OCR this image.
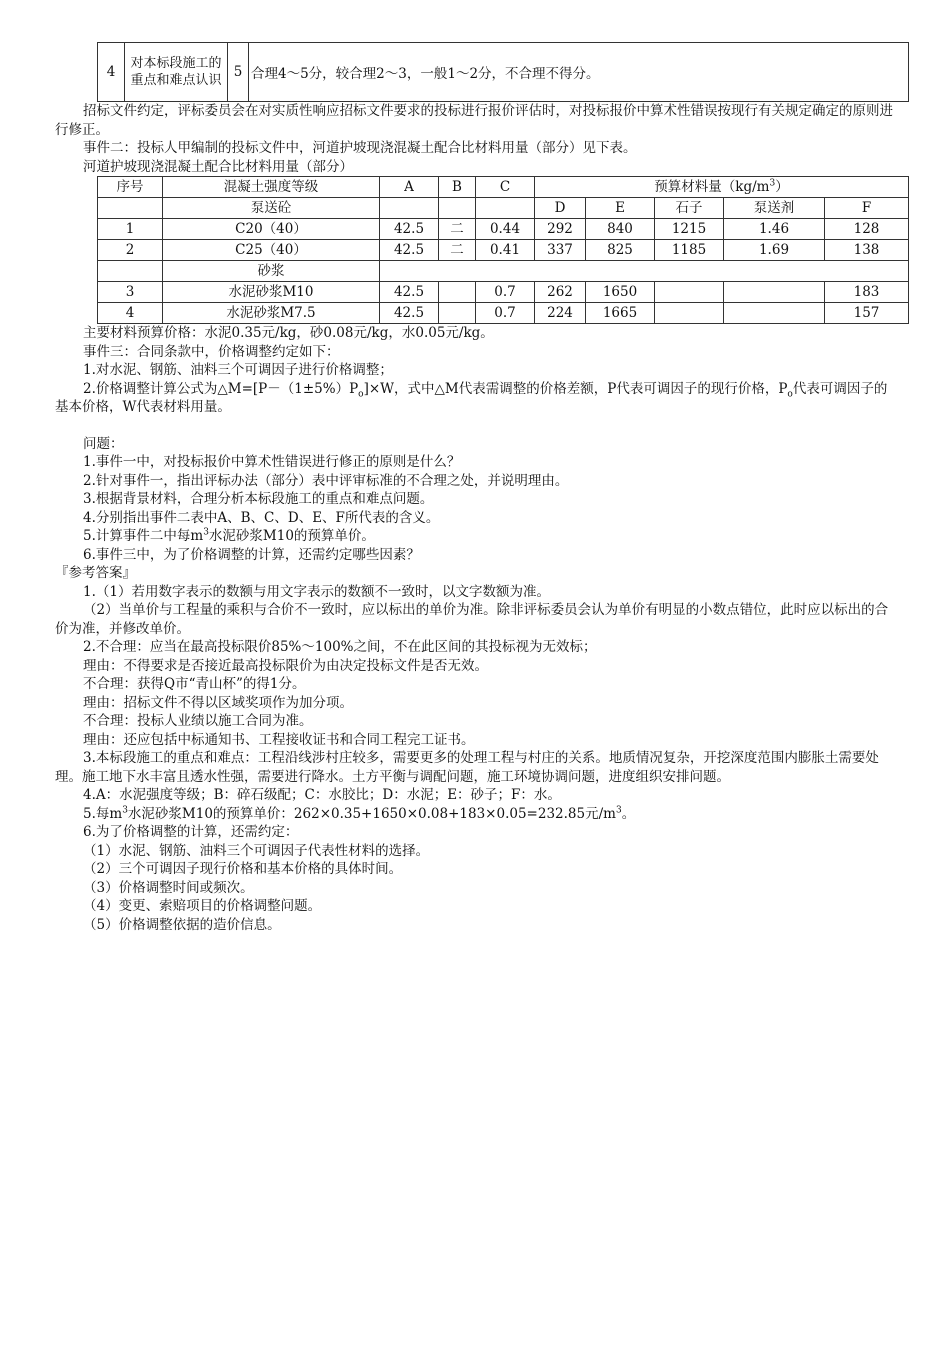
4	对本标段施工的重点和难点认识	5	合理4～5分，较合理2～3，一般1～2分，不合理不得分。

招标文件约定，评标委员会在对实质性响应招标文件要求的投标进行报价评估时，对投标报价中算术性错误按现行有关规定确定的原则进行修正。

事件二：投标人甲编制的投标文件中，河道护坡现浇混凝土配合比材料用量（部分）见下表。

河道护坡现浇混凝土配合比材料用量（部分）

序号	混凝土强度等级	A	B	C	预算材料量$(kg/m^3)$				
	泵送砼				D	E	石子	泵送剂	F
1	C20（40）	42.5	二	0.44	292	840	1215	1.46	128
2	C25（40）	42.5	二	0.41	337	825	1185	1.69	138
	砂浆								
3	水泥砂浆M10	42.5		0.7	262	1650			183
4	水泥砂浆M7.5	42.5		0.7	224	1665			157

主要材料预算价格：水泥0.35元/kg，砂0.08元/kg，水0.05元/kg。

事件三：合同条款中，价格调整约定如下：

1.对水泥、钢筋、油料三个可调因子进行价格调整；

2.价格调整计算公式为$\triangle M=[P-(1\pm 5\%)P_o]\times W$，式中△M代表需调整的价格差额，P代表可调因子的现行价格，$P_o$代表可调因子的基本价格，W代表材料用量。

问题：

1.事件一中，对投标报价中算术性错误进行修正的原则是什么？

2.针对事件一，指出评标办法（部分）表中评审标准的不合理之处，并说明理由。

3.根据背景材料，合理分析本标段施工的重点和难点问题。

4.分别指出事件二表中A、B、C、D、E、F所代表的含义。

5.计算事件二中每$m^3$水泥砂浆M10的预算单价。

6.事件三中，为了价格调整的计算，还需约定哪些因素？

『参考答案』

1.（1）若用数字表示的数额与用文字表示的数额不一致时，以文字数额为准。

（2）当单价与工程量的乘积与合价不一致时，应以标出的单价为准。除非评标委员会认为单价有明显的小数点错位，此时应以标出的合价为准，并修改单价。

2.不合理：应当在最高投标限价85%～100%之间，不在此区间的其投标视为无效标；

理由：不得要求是否接近最高投标限价为由决定投标文件是否无效。

不合理：获得Q市“青山杯”的得1分。

理由：招标文件不得以区域奖项作为加分项。

不合理：投标人业绩以施工合同为准。

理由：还应包括中标通知书、工程接收证书和合同工程完工证书。

3.本标段施工的重点和难点：工程沿线涉村庄较多，需要更多的处理工程与村庄的关系。地质情况复杂，开挖深度范围内膨胀土需要处理。施工地下水丰富且透水性强，需要进行降水。土方平衡与调配问题，施工环境协调问题，进度组织安排问题。

4.A：水泥强度等级；B：碎石级配；C：水胶比；D：水泥；E：砂子；F：水。

5.每$m^3$水泥砂浆M10的预算单价：262×0.35+1650×0.08+183×0.05=232.85元$/m^3$。

6.为了价格调整的计算，还需约定：

（1）水泥、钢筋、油料三个可调因子代表性材料的选择。

（2）三个可调因子现行价格和基本价格的具体时间。

（3）价格调整时间或频次。

（4）变更、索赔项目的价格调整问题。

（5）价格调整依据的造价信息。
